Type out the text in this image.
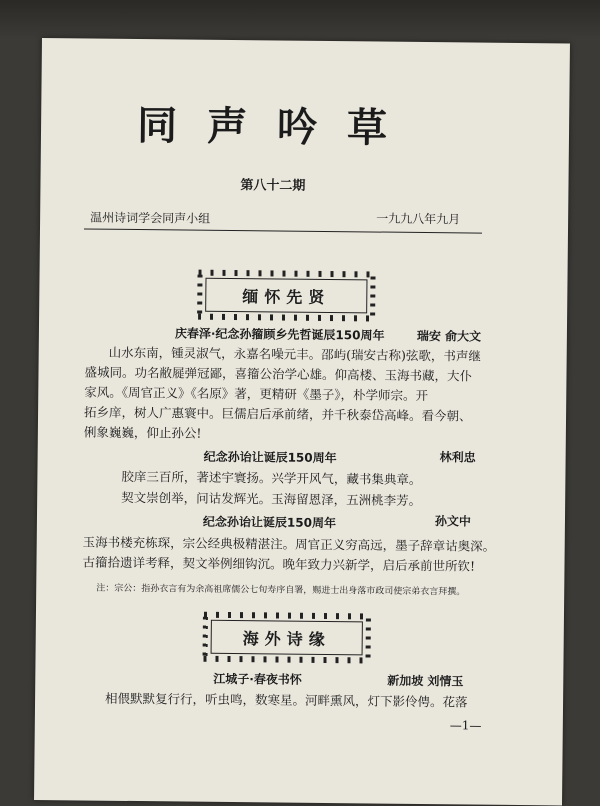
同声吟草
第八十二期
温州诗词学会同声小组	一九九八年九月
缅怀先贤
庆春泽·纪念孙籀顾乡先哲诞辰150周年	瑞安 俞大文
山水东南，锺灵淑气，永嘉名噪元丰。邵屿(瑞安古称)弦歌，书声继
盛城同。功名敝屣弹冠鄙，喜籀公治学心雄。仰高楼、玉海书藏，大仆
家风。《周官正义》《名原》著，更精研《墨子》，朴学师宗。开
拓乡庠，树人广惠寰中。巨儒启后承前绪，并千秋泰岱高峰。看今朝、
俐象巍巍，仰止孙公!
纪念孙诒让诞辰150周年	林利忠
胶庠三百所，著述宇寰扬。兴学开风气，藏书集典章。
契文崇创举，问诂发辉光。玉海留恩泽，五洲桃李芳。
纪念孙诒让诞辰150周年	孙文中
玉海书楼充栋琛，宗公经典极精湛注。周官正义穷高远，墨子辞章诂奥深。
古籀拾遗详考释，契文举例细钩沉。晚年致力兴新学，启后承前世所钦!
注：宗公：指孙衣言有为余高祖席儒公七旬寿序自署，赐进士出身落市政司使宗弟衣言拜撰。
海外诗缘
江城子·春夜书怀	新加坡 刘情玉
相偎默默复行行，听虫鸣，数寒星。河畔熏风，灯下影伶俜。花落
—1—
